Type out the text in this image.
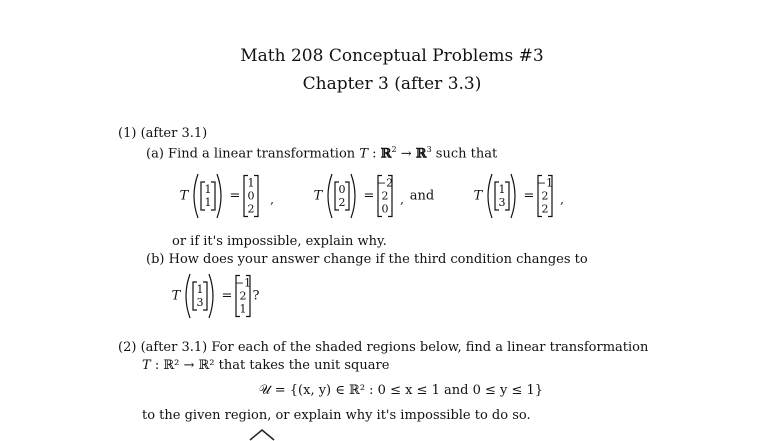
Math 208 Conceptual Problems #3
Chapter 3 (after 3.3)
(1) (after 3.1)
(a) Find a linear transformation T : ℝ$^2$ → ℝ$^3$ such that
T 1
1 =
1
0
2
,	T 0
2 =
−2
2
0
, and	T 1
3 =
−1
2
2
,
or if it's impossible, explain why.
(b) How does your answer change if the third condition changes to
T 1
3 =
−1
2
1
?
(2) (after 3.1) For each of the shaded regions below, find a linear transformation
T : ℝ² → ℝ² that takes the unit square
𝒰 = {(x, y) ∈ ℝ² : 0 ≤ x ≤ 1 and 0 ≤ y ≤ 1}
to the given region, or explain why it's impossible to do so.
